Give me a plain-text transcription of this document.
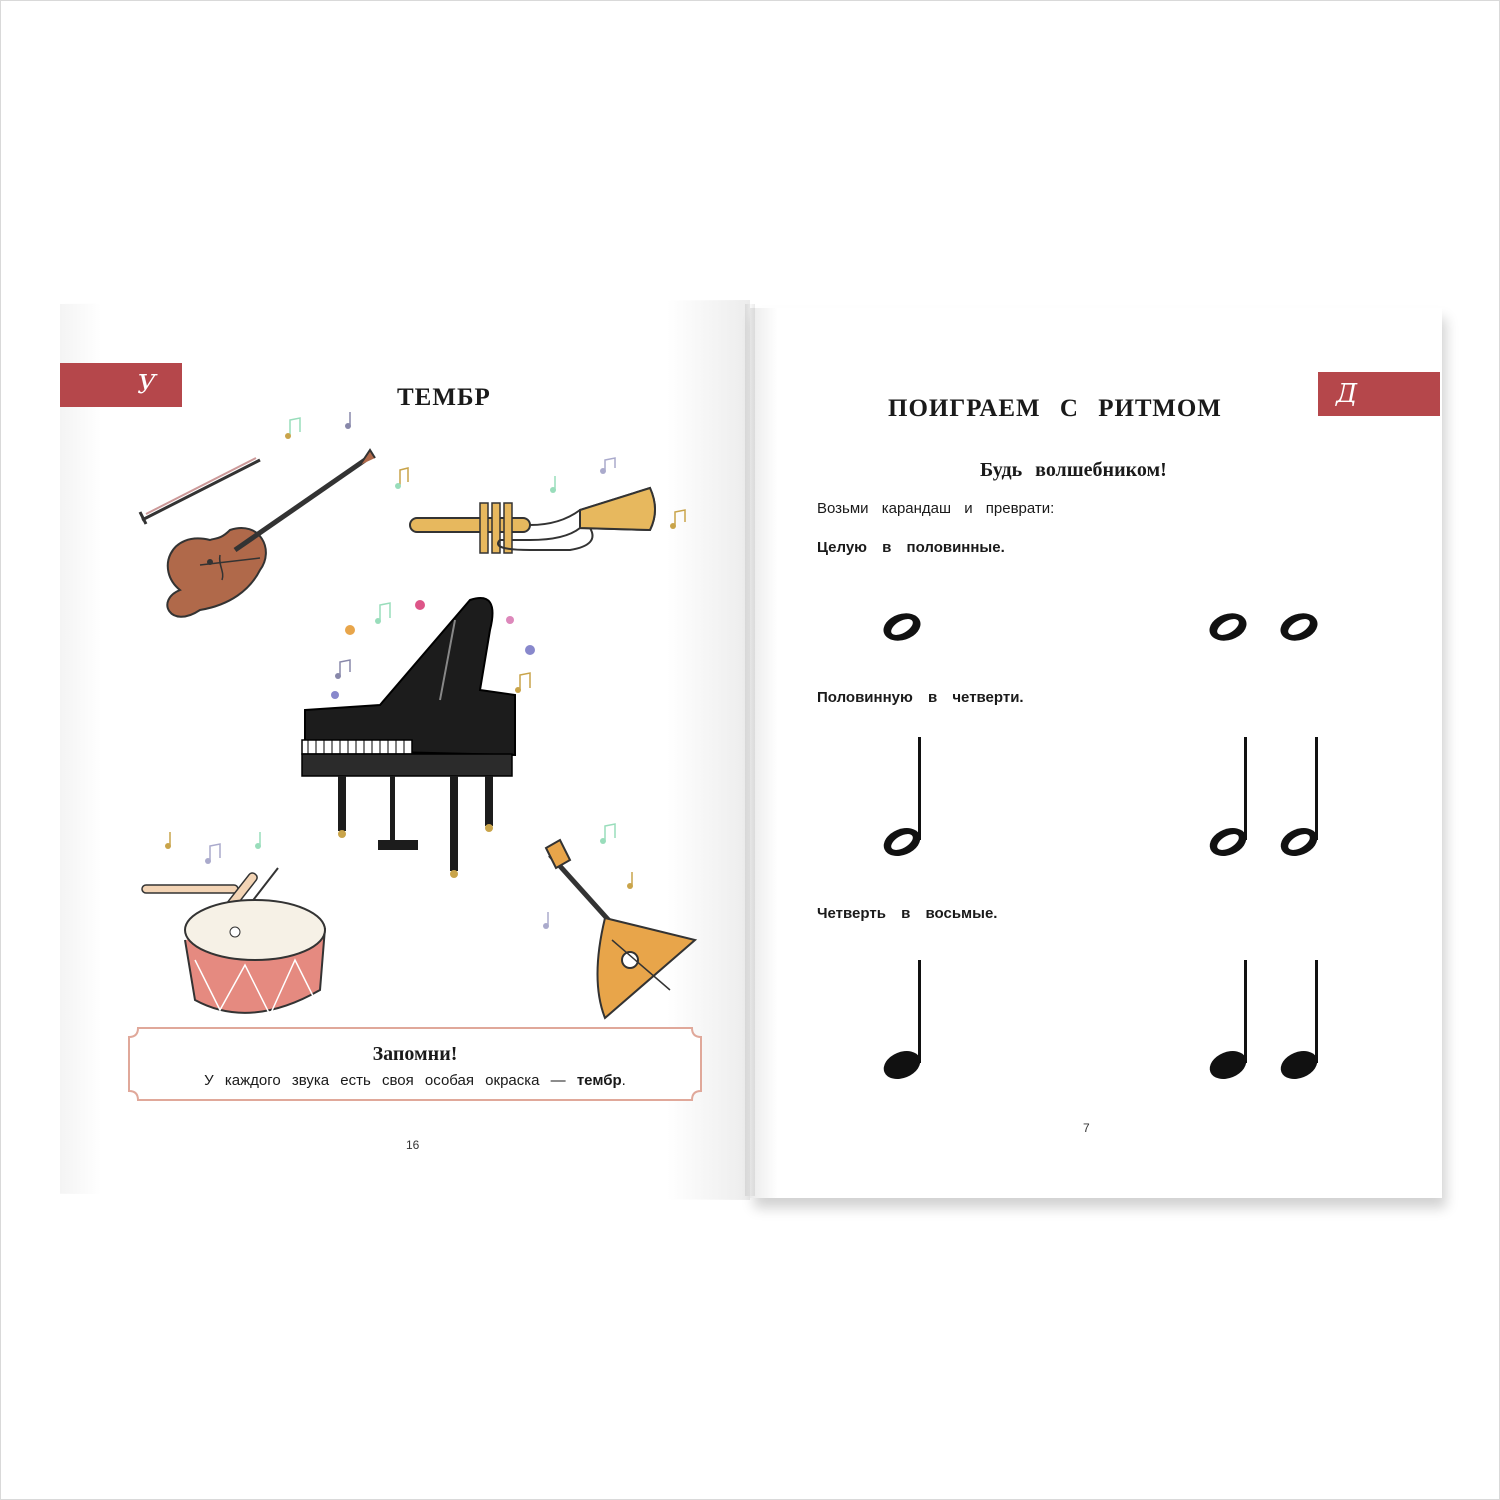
У	Д
ТЕМБР	ПОИГРАЕМ С РИТМОМ
Будь волшебником!
Возьми карандаш и преврати:
Целую в половинные.
Половинную в четверти.
Четверть в восьмые.
16
7
Запомни!
У каждого звука есть своя особая окраска — тембр.
